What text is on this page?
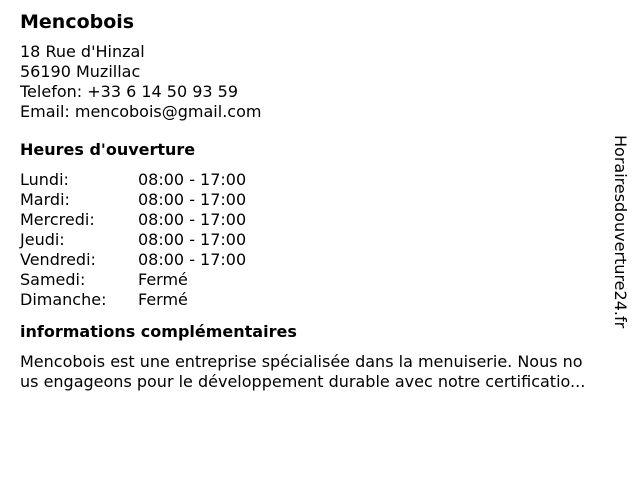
Mencobois
18 Rue d'Hinzal
56190 Muzillac
Telefon: +33 6 14 50 93 59
Email: mencobois@gmail.com
Heures d'ouverture
Lundi:	08:00 - 17:00
Mardi:	08:00 - 17:00
Mercredi:	08:00 - 17:00
Jeudi:	08:00 - 17:00
Vendredi:	08:00 - 17:00
Samedi:	Fermé
Dimanche:	Fermé
informations complémentaires
Mencobois est une entreprise spécialisée dans la menuiserie. Nous no
us engageons pour le développement durable avec notre certificatio...
Horairesdouverture24.fr
